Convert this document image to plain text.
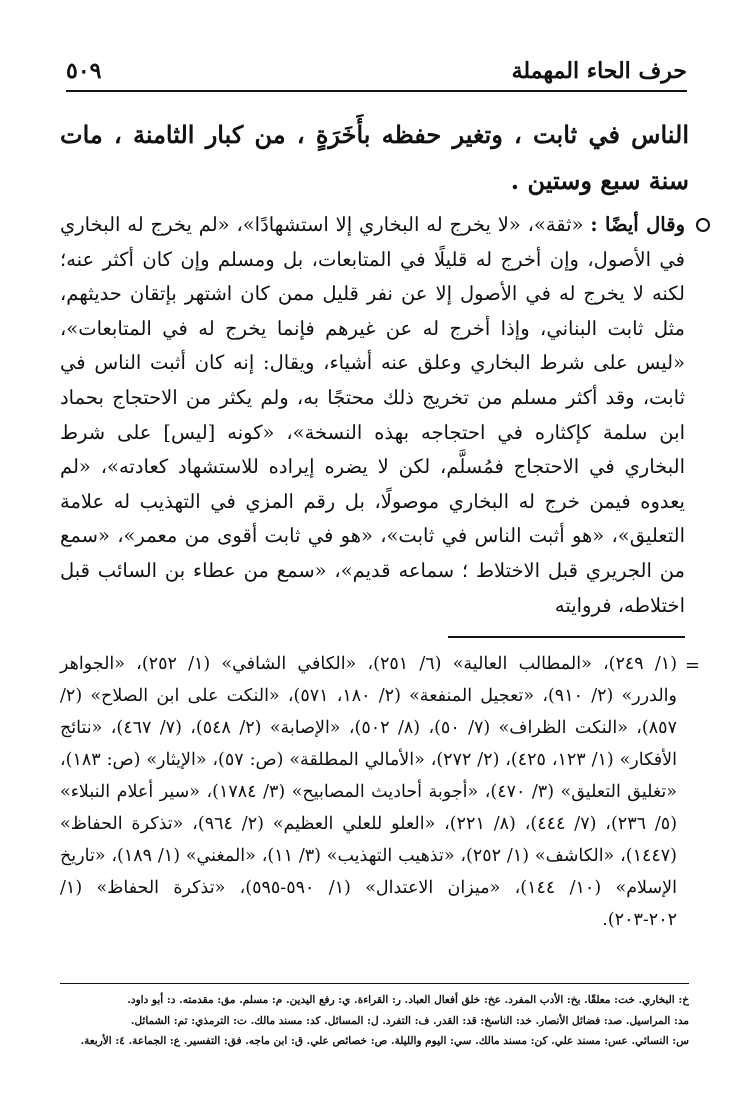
حرف الحاء المهملة
٥٠٩
الناس في ثابت ، وتغير حفظه بأَخَرَةٍ ، من كبار الثامنة ، مات سنة سبع وستين .
وقال أيضًا : «ثقة»، «لا يخرج له البخاري إلا استشهادًا»، «لم يخرج له البخاري في الأصول، وإن أخرج له قليلًا في المتابعات، بل ومسلم وإن كان أكثر عنه؛ لكنه لا يخرج له في الأصول إلا عن نفر قليل ممن كان اشتهر بإتقان حديثهم، مثل ثابت البناني، وإذا أخرج له عن غيرهم فإنما يخرج له في المتابعات»، «ليس على شرط البخاري وعلق عنه أشياء، ويقال: إنه كان أثبت الناس في ثابت، وقد أكثر مسلم من تخريج ذلك محتجًا به، ولم يكثر من الاحتجاج بحماد ابن سلمة كإكثاره في احتجاجه بهذه النسخة»، «كونه [ليس] على شرط البخاري في الاحتجاج فمُسلَّم، لكن لا يضره إيراده للاستشهاد كعادته»، «لم يعدوه فيمن خرج له البخاري موصولًا، بل رقم المزي في التهذيب له علامة التعليق»، «هو أثبت الناس في ثابت»، «هو في ثابت أقوى من معمر»، «سمع من الجريري قبل الاختلاط ؛ سماعه قديم»، «سمع من عطاء بن السائب قبل اختلاطه، فروايته
=
(١/ ٢٤٩)، «المطالب العالية» (٦/ ٢٥١)، «الكافي الشافي» (١/ ٢٥٢)، «الجواهر والدرر» (٢/ ٩١٠)، «تعجيل المنفعة» (٢/ ١٨٠، ٥٧١)، «النكت على ابن الصلاح» (٢/ ٨٥٧)، «النكت الظراف» (٧/ ٥٠)، (٨/ ٥٠٢)، «الإصابة» (٢/ ٥٤٨)، (٧/ ٤٦٧)، «نتائج الأفكار» (١/ ١٢٣، ٤٢٥)، (٢/ ٢٧٢)، «الأمالي المطلقة» (ص: ٥٧)، «الإيثار» (ص: ١٨٣)، «تغليق التعليق» (٣/ ٤٧٠)، «أجوبة أحاديث المصابيح» (٣/ ١٧٨٤)، «سير أعلام النبلاء» (٥/ ٢٣٦)، (٧/ ٤٤٤)، (٨/ ٢٢١)، «العلو للعلي العظيم» (٢/ ٩٦٤)، «تذكرة الحفاظ» (١٤٤٧)، «الكاشف» (١/ ٢٥٢)، «تذهيب التهذيب» (٣/ ١١)، «المغني» (١/ ١٨٩)، «تاريخ الإسلام» (١٠/ ١٤٤)، «ميزان الاعتدال» (١/ ٥٩٠-٥٩٥)، «تذكرة الحفاظ» (١/ ٢٠٢-٢٠٣).
خ: البخاري. خت: معلقًا. بخ: الأدب المفرد. عخ: خلق أفعال العباد. ر: القراءة. ي: رفع اليدين. م: مسلم. مق: مقدمته. د: أبو داود.
مد: المراسيل. صد: فضائل الأنصار. خد: الناسخ: قد: القدر. ف: التفرد. ل: المسائل. كد: مسند مالك. ت: الترمذي: تم: الشمائل.
س: النسائي. عس: مسند علي. كن: مسند مالك. سي: اليوم والليلة. ص: خصائص علي. ق: ابن ماجه. فق: التفسير. ع: الجماعة. ٤: الأربعة.
